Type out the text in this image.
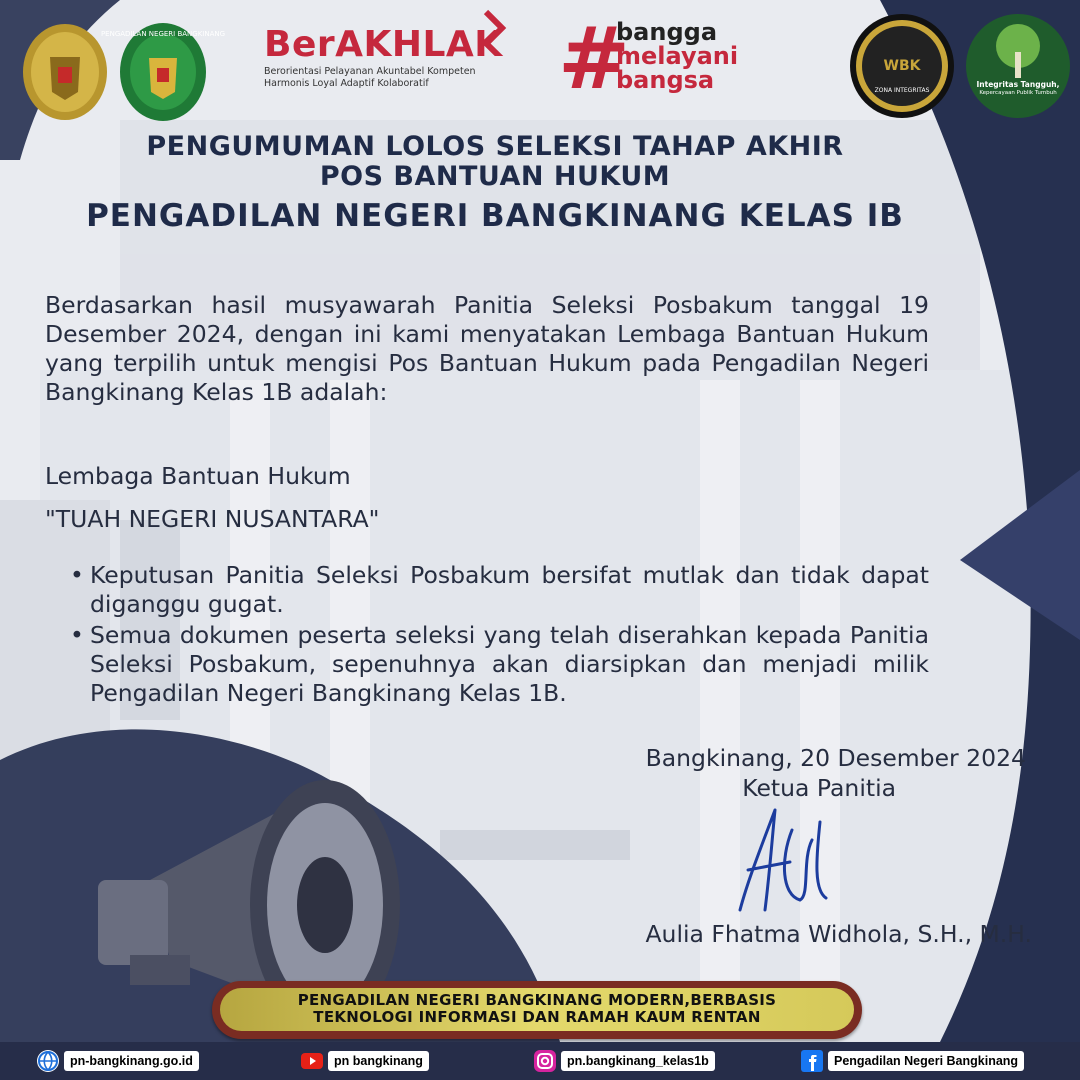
PENGADILAN NEGERI BANGKINANG BerAKHLAK
Berorientasi Pelayanan Akuntabel Kompeten
Harmonis Loyal Adaptif Kolaboratif	#
bangga
melayani
bangsa	WBK
ZONA INTEGRITAS
Integritas Tangguh,
Kepercayaan Publik Tumbuh
PENGUMUMAN LOLOS SELEKSI TAHAP AKHIR
POS BANTUAN HUKUM
PENGADILAN NEGERI BANGKINANG KELAS IB

Berdasarkan hasil musyawarah Panitia Seleksi Posbakum tanggal 19 Desember 2024, dengan ini kami menyatakan Lembaga Bantuan Hukum yang terpilih untuk mengisi Pos Bantuan Hukum pada Pengadilan Negeri Bangkinang Kelas 1B adalah:

Lembaga Bantuan Hukum
"TUAH NEGERI NUSANTARA"
• Keputusan Panitia Seleksi Posbakum bersifat mutlak dan tidak dapat diganggu gugat.
• Semua dokumen peserta seleksi yang telah diserahkan kepada Panitia Seleksi Posbakum, sepenuhnya akan diarsipkan dan menjadi milik Pengadilan Negeri Bangkinang Kelas 1B.
Bangkinang, 20 Desember 2024
Ketua Panitia
Aulia Fhatma Widhola, S.H., M.H.
PENGADILAN NEGERI BANGKINANG MODERN,BERBASIS
TEKNOLOGI INFORMASI DAN RAMAH KAUM RENTAN
pn-bangkinang.go.id	pn bangkinang	pn.bangkinang_kelas1b	Pengadilan Negeri Bangkinang
